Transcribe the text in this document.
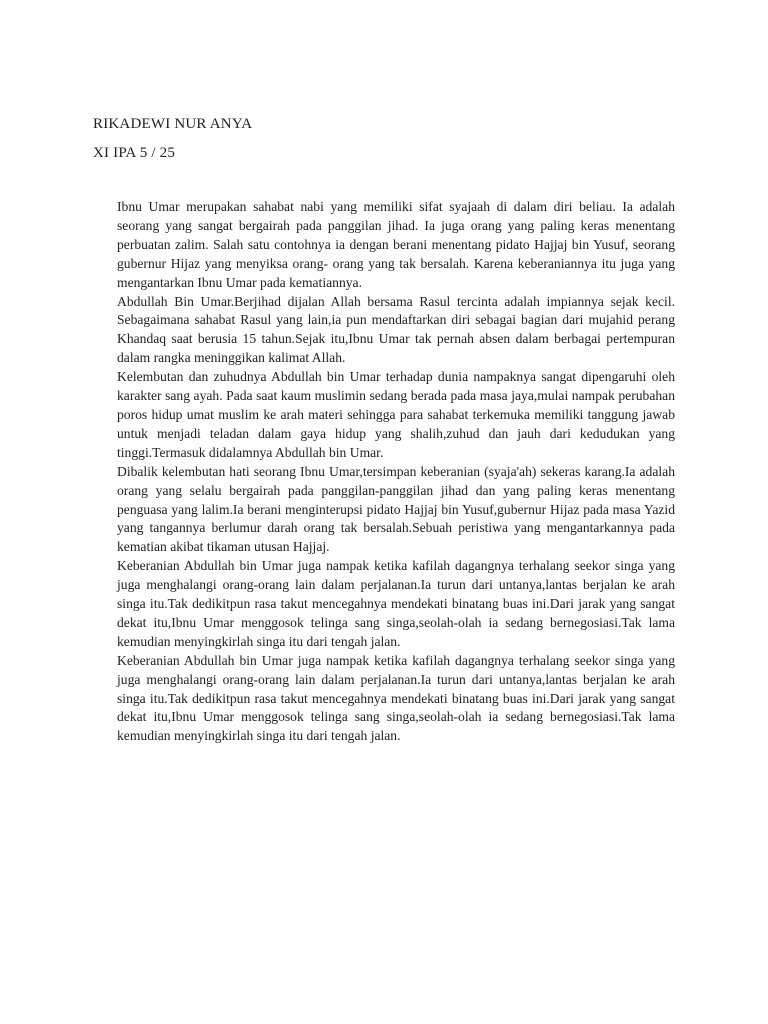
RIKADEWI NUR ANYA
XI IPA 5 / 25

Ibnu Umar merupakan sahabat nabi yang memiliki sifat syajaah di dalam diri beliau. Ia adalah seorang yang sangat bergairah pada panggilan jihad. Ia juga orang yang paling keras menentang perbuatan zalim. Salah satu contohnya ia dengan berani menentang pidato Hajjaj bin Yusuf, seorang gubernur Hijaz yang menyiksa orang- orang yang tak bersalah. Karena keberaniannya itu juga yang mengantarkan Ibnu Umar pada kematiannya.

Abdullah Bin Umar.Berjihad dijalan Allah bersama Rasul tercinta adalah impiannya sejak kecil. Sebagaimana sahabat Rasul yang lain,ia pun mendaftarkan diri sebagai bagian dari mujahid perang Khandaq saat berusia 15 tahun.Sejak itu,Ibnu Umar tak pernah absen dalam berbagai pertempuran dalam rangka meninggikan kalimat Allah.

Kelembutan dan zuhudnya Abdullah bin Umar terhadap dunia nampaknya sangat dipengaruhi oleh karakter sang ayah. Pada saat kaum muslimin sedang berada pada masa jaya,mulai nampak perubahan poros hidup umat muslim ke arah materi sehingga para sahabat terkemuka memiliki tanggung jawab untuk menjadi teladan dalam gaya hidup yang shalih,zuhud dan jauh dari kedudukan yang tinggi.Termasuk didalamnya Abdullah bin Umar.

Dibalik kelembutan hati seorang Ibnu Umar,tersimpan keberanian (syaja'ah) sekeras karang.Ia adalah orang yang selalu bergairah pada panggilan-panggilan jihad dan yang paling keras menentang penguasa yang lalim.Ia berani menginterupsi pidato Hajjaj bin Yusuf,gubernur Hijaz pada masa Yazid yang tangannya berlumur darah orang tak bersalah.Sebuah peristiwa yang mengantarkannya pada kematian akibat tikaman utusan Hajjaj.

Keberanian Abdullah bin Umar juga nampak ketika kafilah dagangnya terhalang seekor singa yang juga menghalangi orang-orang lain dalam perjalanan.Ia turun dari untanya,lantas berjalan ke arah singa itu.Tak dedikitpun rasa takut mencegahnya mendekati binatang buas ini.Dari jarak yang sangat dekat itu,Ibnu Umar menggosok telinga sang singa,seolah-olah ia sedang bernegosiasi.Tak lama kemudian menyingkirlah singa itu dari tengah jalan.

Keberanian Abdullah bin Umar juga nampak ketika kafilah dagangnya terhalang seekor singa yang juga menghalangi orang-orang lain dalam perjalanan.Ia turun dari untanya,lantas berjalan ke arah singa itu.Tak dedikitpun rasa takut mencegahnya mendekati binatang buas ini.Dari jarak yang sangat dekat itu,Ibnu Umar menggosok telinga sang singa,seolah-olah ia sedang bernegosiasi.Tak lama kemudian menyingkirlah singa itu dari tengah jalan.
